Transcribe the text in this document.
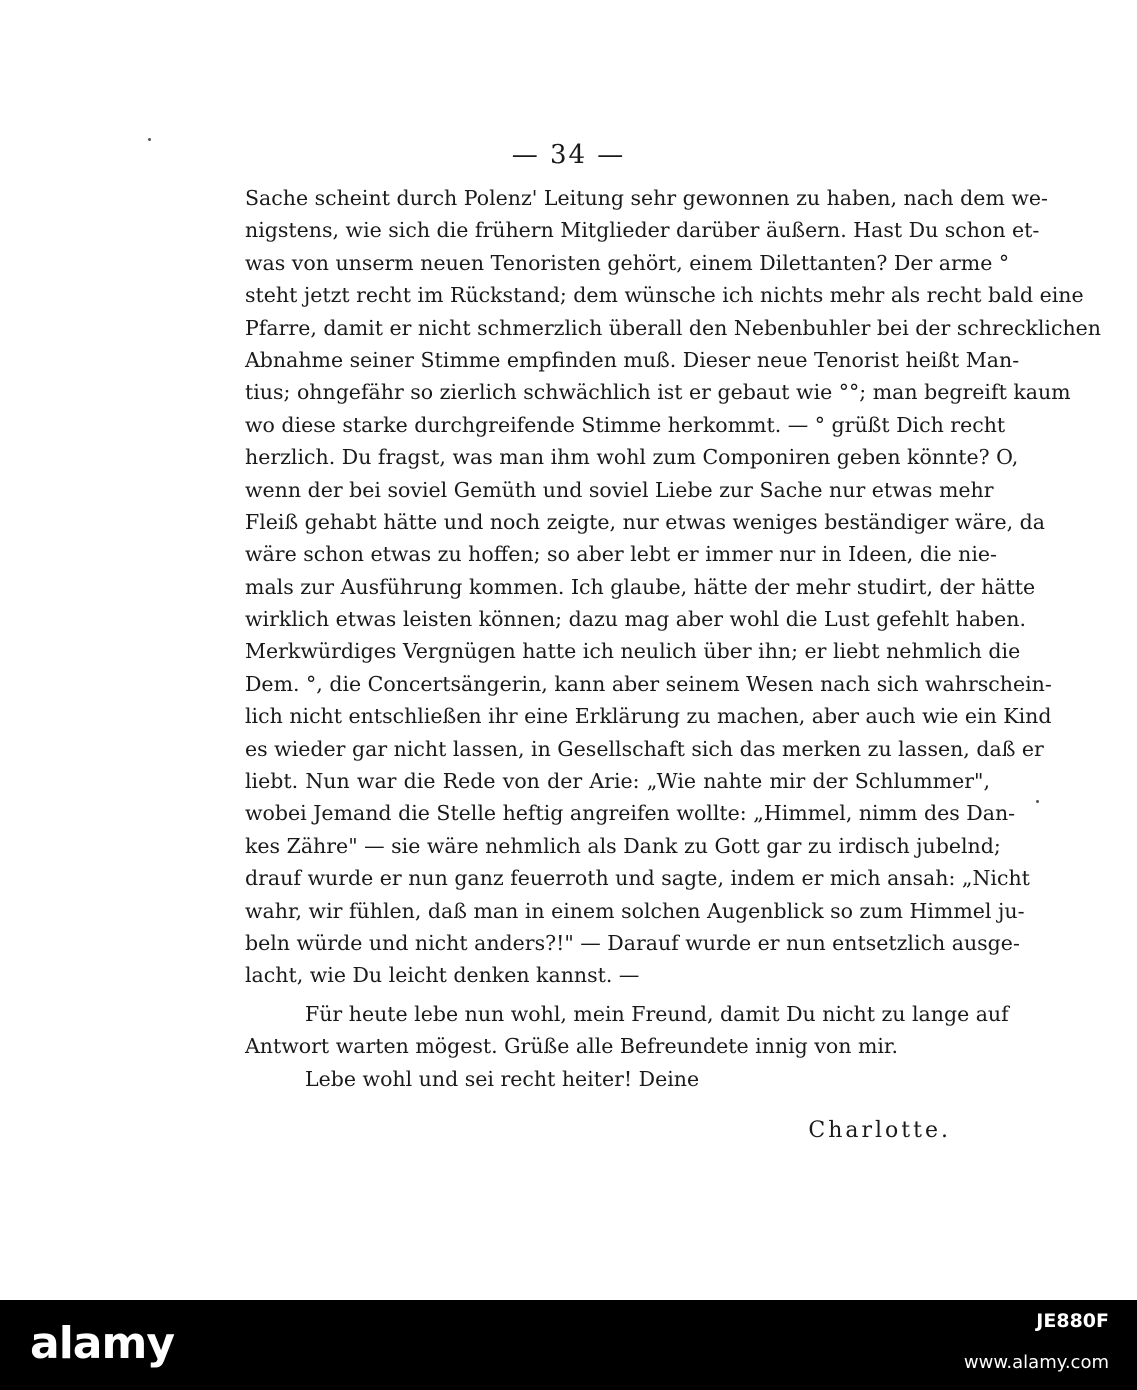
— 34 —
Sache scheint durch Polenz' Leitung sehr gewonnen zu haben, nach dem we-
nigstens, wie sich die frühern Mitglieder darüber äußern. Hast Du schon et-
was von unserm neuen Tenoristen gehört, einem Dilettanten? Der arme °
steht jetzt recht im Rückstand; dem wünsche ich nichts mehr als recht bald eine
Pfarre, damit er nicht schmerzlich überall den Nebenbuhler bei der schrecklichen
Abnahme seiner Stimme empfinden muß. Dieser neue Tenorist heißt Man-
tius; ohngefähr so zierlich schwächlich ist er gebaut wie °°; man begreift kaum
wo diese starke durchgreifende Stimme herkommt. — ° grüßt Dich recht
herzlich. Du fragst, was man ihm wohl zum Componiren geben könnte? O,
wenn der bei soviel Gemüth und soviel Liebe zur Sache nur etwas mehr
Fleiß gehabt hätte und noch zeigte, nur etwas weniges beständiger wäre, da
wäre schon etwas zu hoffen; so aber lebt er immer nur in Ideen, die nie-
mals zur Ausführung kommen. Ich glaube, hätte der mehr studirt, der hätte
wirklich etwas leisten können; dazu mag aber wohl die Lust gefehlt haben.
Merkwürdiges Vergnügen hatte ich neulich über ihn; er liebt nehmlich die
Dem. °, die Concertsängerin, kann aber seinem Wesen nach sich wahrschein-
lich nicht entschließen ihr eine Erklärung zu machen, aber auch wie ein Kind
es wieder gar nicht lassen, in Gesellschaft sich das merken zu lassen, daß er
liebt. Nun war die Rede von der Arie: „Wie nahte mir der Schlummer",
wobei Jemand die Stelle heftig angreifen wollte: „Himmel, nimm des Dan-
kes Zähre" — sie wäre nehmlich als Dank zu Gott gar zu irdisch jubelnd;
drauf wurde er nun ganz feuerroth und sagte, indem er mich ansah: „Nicht
wahr, wir fühlen, daß man in einem solchen Augenblick so zum Himmel ju-
beln würde und nicht anders?!" — Darauf wurde er nun entsetzlich ausge-
lacht, wie Du leicht denken kannst. —
Für heute lebe nun wohl, mein Freund, damit Du nicht zu lange auf
Antwort warten mögest. Grüße alle Befreundete innig von mir.
Lebe wohl und sei recht heiter! Deine
Charlotte.
alamy	JE880F
www.alamy.com
